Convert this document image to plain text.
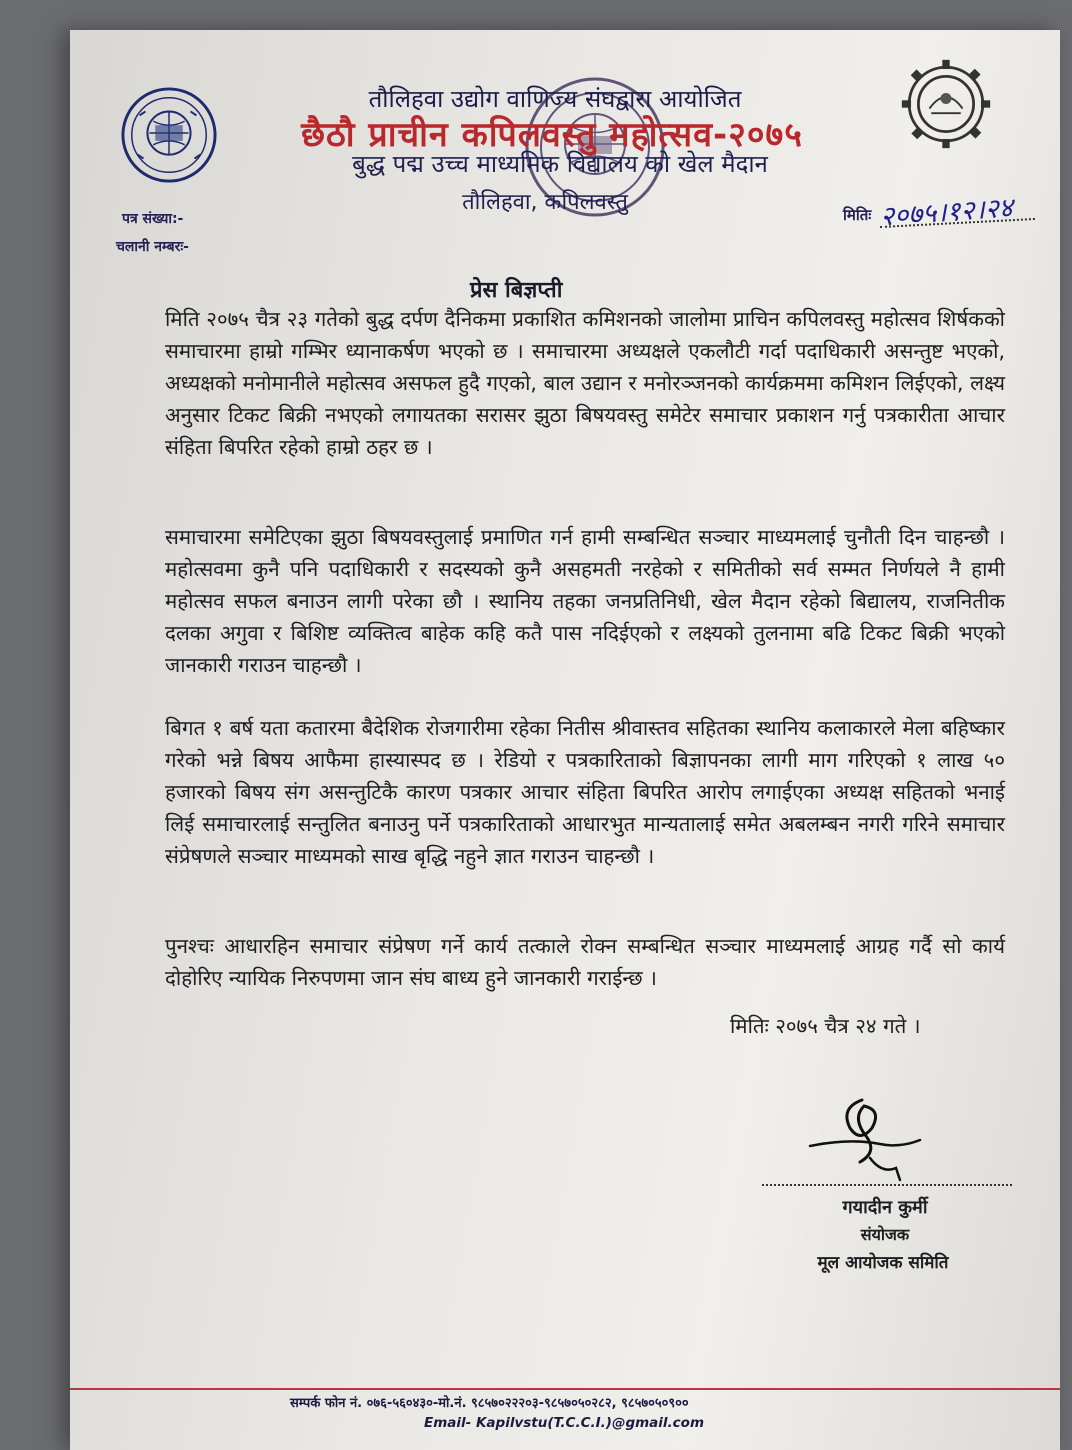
तौलिहवा उद्योग वाणिज्य संघद्वारा आयोजित
छैठौ प्राचीन कपिलवस्तु महोत्सव-२०७५
बुद्ध पद्म उच्च माध्यमिक विद्यालय को खेल मैदान
तौलिहवा, कपिलवस्तु
पत्र संख्या:-
चलानी नम्बरः-
मितिः २०७५।१२।२४
प्रेस बिज्ञप्ती
मिति २०७५ चैत्र २३ गतेको बुद्ध दर्पण दैनिकमा प्रकाशित कमिशनको जालोमा प्राचिन कपिलवस्तु महोत्सव शिर्षकको समाचारमा हाम्रो गम्भिर ध्यानाकर्षण भएको छ । समाचारमा अध्यक्षले एकलौटी गर्दा पदाधिकारी असन्तुष्ट भएको, अध्यक्षको मनोमानीले महोत्सव असफल हुदै गएको, बाल उद्यान र मनोरञ्जनको कार्यक्रममा कमिशन लिईएको, लक्ष्य अनुसार टिकट बिक्री नभएको लगायतका सरासर झुठा बिषयवस्तु समेटेर समाचार प्रकाशन गर्नु पत्रकारीता आचार संहिता बिपरित रहेको हाम्रो ठहर छ ।
समाचारमा समेटिएका झुठा बिषयवस्तुलाई प्रमाणित गर्न हामी सम्बन्धित सञ्चार माध्यमलाई चुनौती दिन चाहन्छौ । महोत्सवमा कुनै पनि पदाधिकारी र सदस्यको कुनै असहमती नरहेको र समितीको सर्व सम्मत निर्णयले नै हामी महोत्सव सफल बनाउन लागी परेका छौ । स्थानिय तहका जनप्रतिनिधी, खेल मैदान रहेको बिद्यालय, राजनितीक दलका अगुवा र बिशिष्ट व्यक्तित्व बाहेक कहि कतै पास नदिईएको र लक्ष्यको तुलनामा बढि टिकट बिक्री भएको जानकारी गराउन चाहन्छौ ।
बिगत १ बर्ष यता कतारमा बैदेशिक रोजगारीमा रहेका नितीस श्रीवास्तव सहितका स्थानिय कलाकारले मेला बहिष्कार गरेको भन्ने बिषय आफैमा हास्यास्पद छ । रेडियो र पत्रकारिताको बिज्ञापनका लागी माग गरिएको १ लाख ५० हजारको बिषय संग असन्तुटिकै कारण पत्रकार आचार संहिता बिपरित आरोप लगाईएका अध्यक्ष सहितको भनाई लिई समाचारलाई सन्तुलित बनाउनु पर्ने पत्रकारिताको आधारभुत मान्यतालाई समेत अबलम्बन नगरी गरिने समाचार संप्रेषणले सञ्चार माध्यमको साख बृद्धि नहुने ज्ञात गराउन चाहन्छौ ।
पुनश्चः आधारहिन समाचार संप्रेषण गर्ने कार्य तत्काले रोक्न सम्बन्धित सञ्चार माध्यमलाई आग्रह गर्दै सो कार्य दोहोरिए न्यायिक निरुपणमा जान संघ बाध्य हुने जानकारी गराईन्छ ।
मितिः २०७५ चैत्र २४ गते ।
गयादीन कुर्मी
संयोजक
मूल आयोजक समिति
सम्पर्क फोन नं. ०७६-५६०४३०-मो.नं. ९८५७०२२२०३-९८५७०५०२८२, ९८५७०५०९००
Email- Kapilvstu(T.C.C.I.)@gmail.com
